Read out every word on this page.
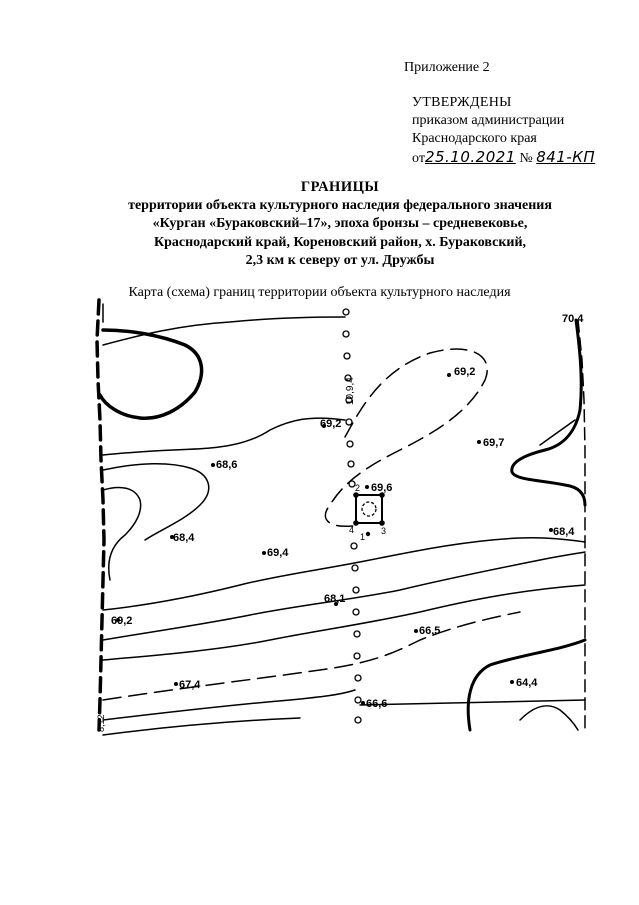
Приложение 2
УТВЕРЖДЕНЫ
приказом администрации
Краснодарского края
от25.10.2021 № 841-КП
ГРАНИЦЫ
территории объекта культурного наследия федерального значения
«Курган «Бураковский–17», эпоха бронзы – средневековье,
Краснодарский край, Кореновский район, х. Бураковский,
2,3 км к северу от ул. Дружбы
Карта (схема) границ территории объекта культурного наследия
70,4
69,2
69,2
69,7
68,6
69,6
68,4
69,4
68,4
68,1
69,2
66,5
67,4	64,4
66,6
2
4
1
3
10,9,4
8,12
